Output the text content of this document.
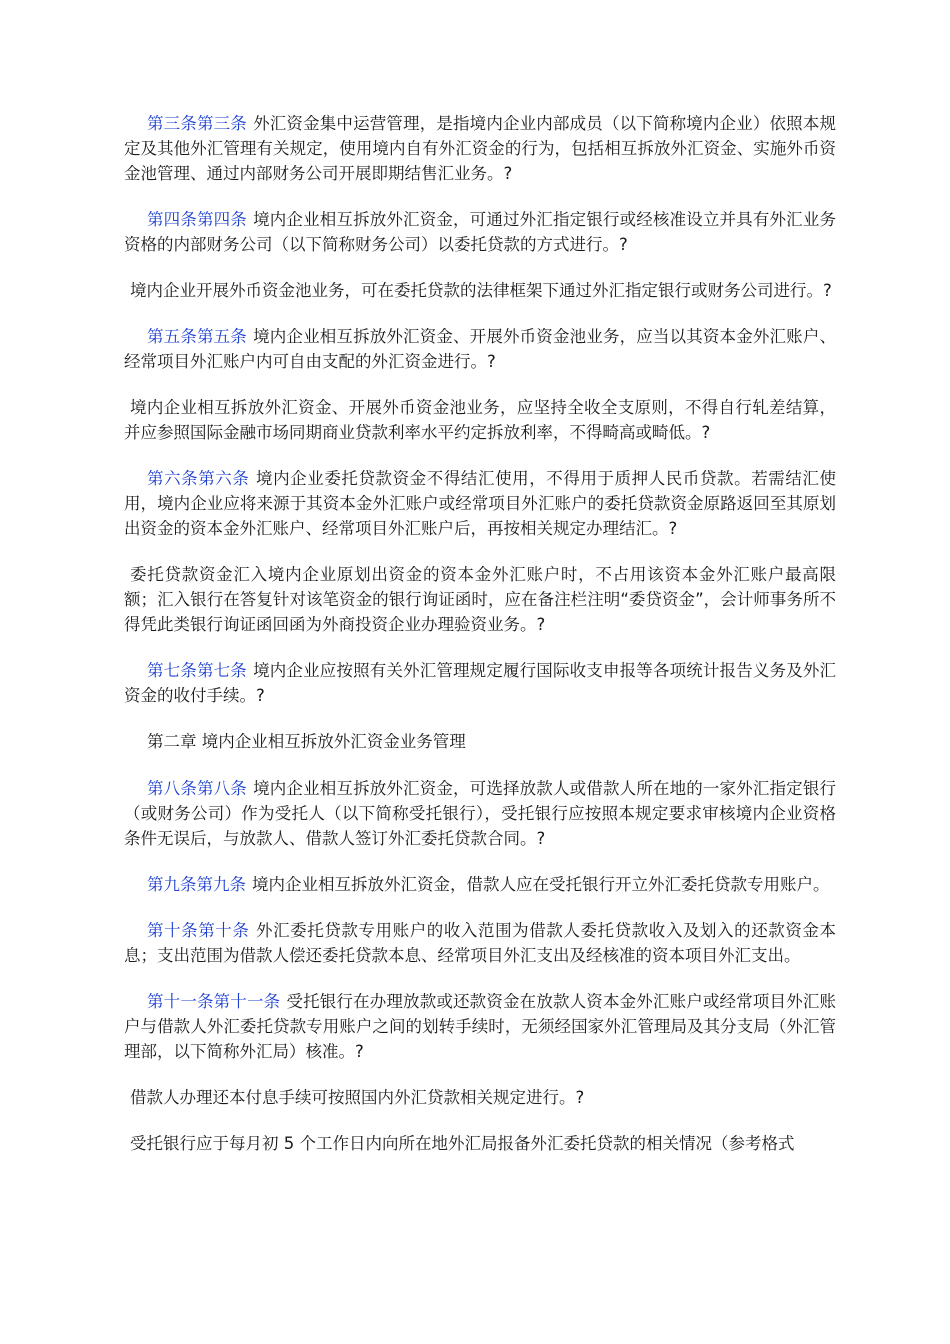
第三条第三条 外汇资金集中运营管理，是指境内企业内部成员（以下简称境内企业）依照本规定及其他外汇管理有关规定，使用境内自有外汇资金的行为，包括相互拆放外汇资金、实施外币资金池管理、通过内部财务公司开展即期结售汇业务。?

第四条第四条 境内企业相互拆放外汇资金，可通过外汇指定银行或经核准设立并具有外汇业务资格的内部财务公司（以下简称财务公司）以委托贷款的方式进行。?

境内企业开展外币资金池业务，可在委托贷款的法律框架下通过外汇指定银行或财务公司进行。?

第五条第五条 境内企业相互拆放外汇资金、开展外币资金池业务，应当以其资本金外汇账户、经常项目外汇账户内可自由支配的外汇资金进行。?

境内企业相互拆放外汇资金、开展外币资金池业务，应坚持全收全支原则，不得自行轧差结算，并应参照国际金融市场同期商业贷款利率水平约定拆放利率，不得畸高或畸低。?

第六条第六条 境内企业委托贷款资金不得结汇使用，不得用于质押人民币贷款。若需结汇使用，境内企业应将来源于其资本金外汇账户或经常项目外汇账户的委托贷款资金原路返回至其原划出资金的资本金外汇账户、经常项目外汇账户后，再按相关规定办理结汇。?

委托贷款资金汇入境内企业原划出资金的资本金外汇账户时，不占用该资本金外汇账户最高限额；汇入银行在答复针对该笔资金的银行询证函时，应在备注栏注明“委贷资金”，会计师事务所不得凭此类银行询证函回函为外商投资企业办理验资业务。?

第七条第七条 境内企业应按照有关外汇管理规定履行国际收支申报等各项统计报告义务及外汇资金的收付手续。?

第二章 境内企业相互拆放外汇资金业务管理

第八条第八条 境内企业相互拆放外汇资金，可选择放款人或借款人所在地的一家外汇指定银行（或财务公司）作为受托人（以下简称受托银行），受托银行应按照本规定要求审核境内企业资格条件无误后，与放款人、借款人签订外汇委托贷款合同。?

第九条第九条 境内企业相互拆放外汇资金，借款人应在受托银行开立外汇委托贷款专用账户。

第十条第十条 外汇委托贷款专用账户的收入范围为借款人委托贷款收入及划入的还款资金本息；支出范围为借款人偿还委托贷款本息、经常项目外汇支出及经核准的资本项目外汇支出。

第十一条第十一条 受托银行在办理放款或还款资金在放款人资本金外汇账户或经常项目外汇账户与借款人外汇委托贷款专用账户之间的划转手续时，无须经国家外汇管理局及其分支局（外汇管理部，以下简称外汇局）核准。?

借款人办理还本付息手续可按照国内外汇贷款相关规定进行。?

受托银行应于每月初 5 个工作日内向所在地外汇局报备外汇委托贷款的相关情况（参考格式
